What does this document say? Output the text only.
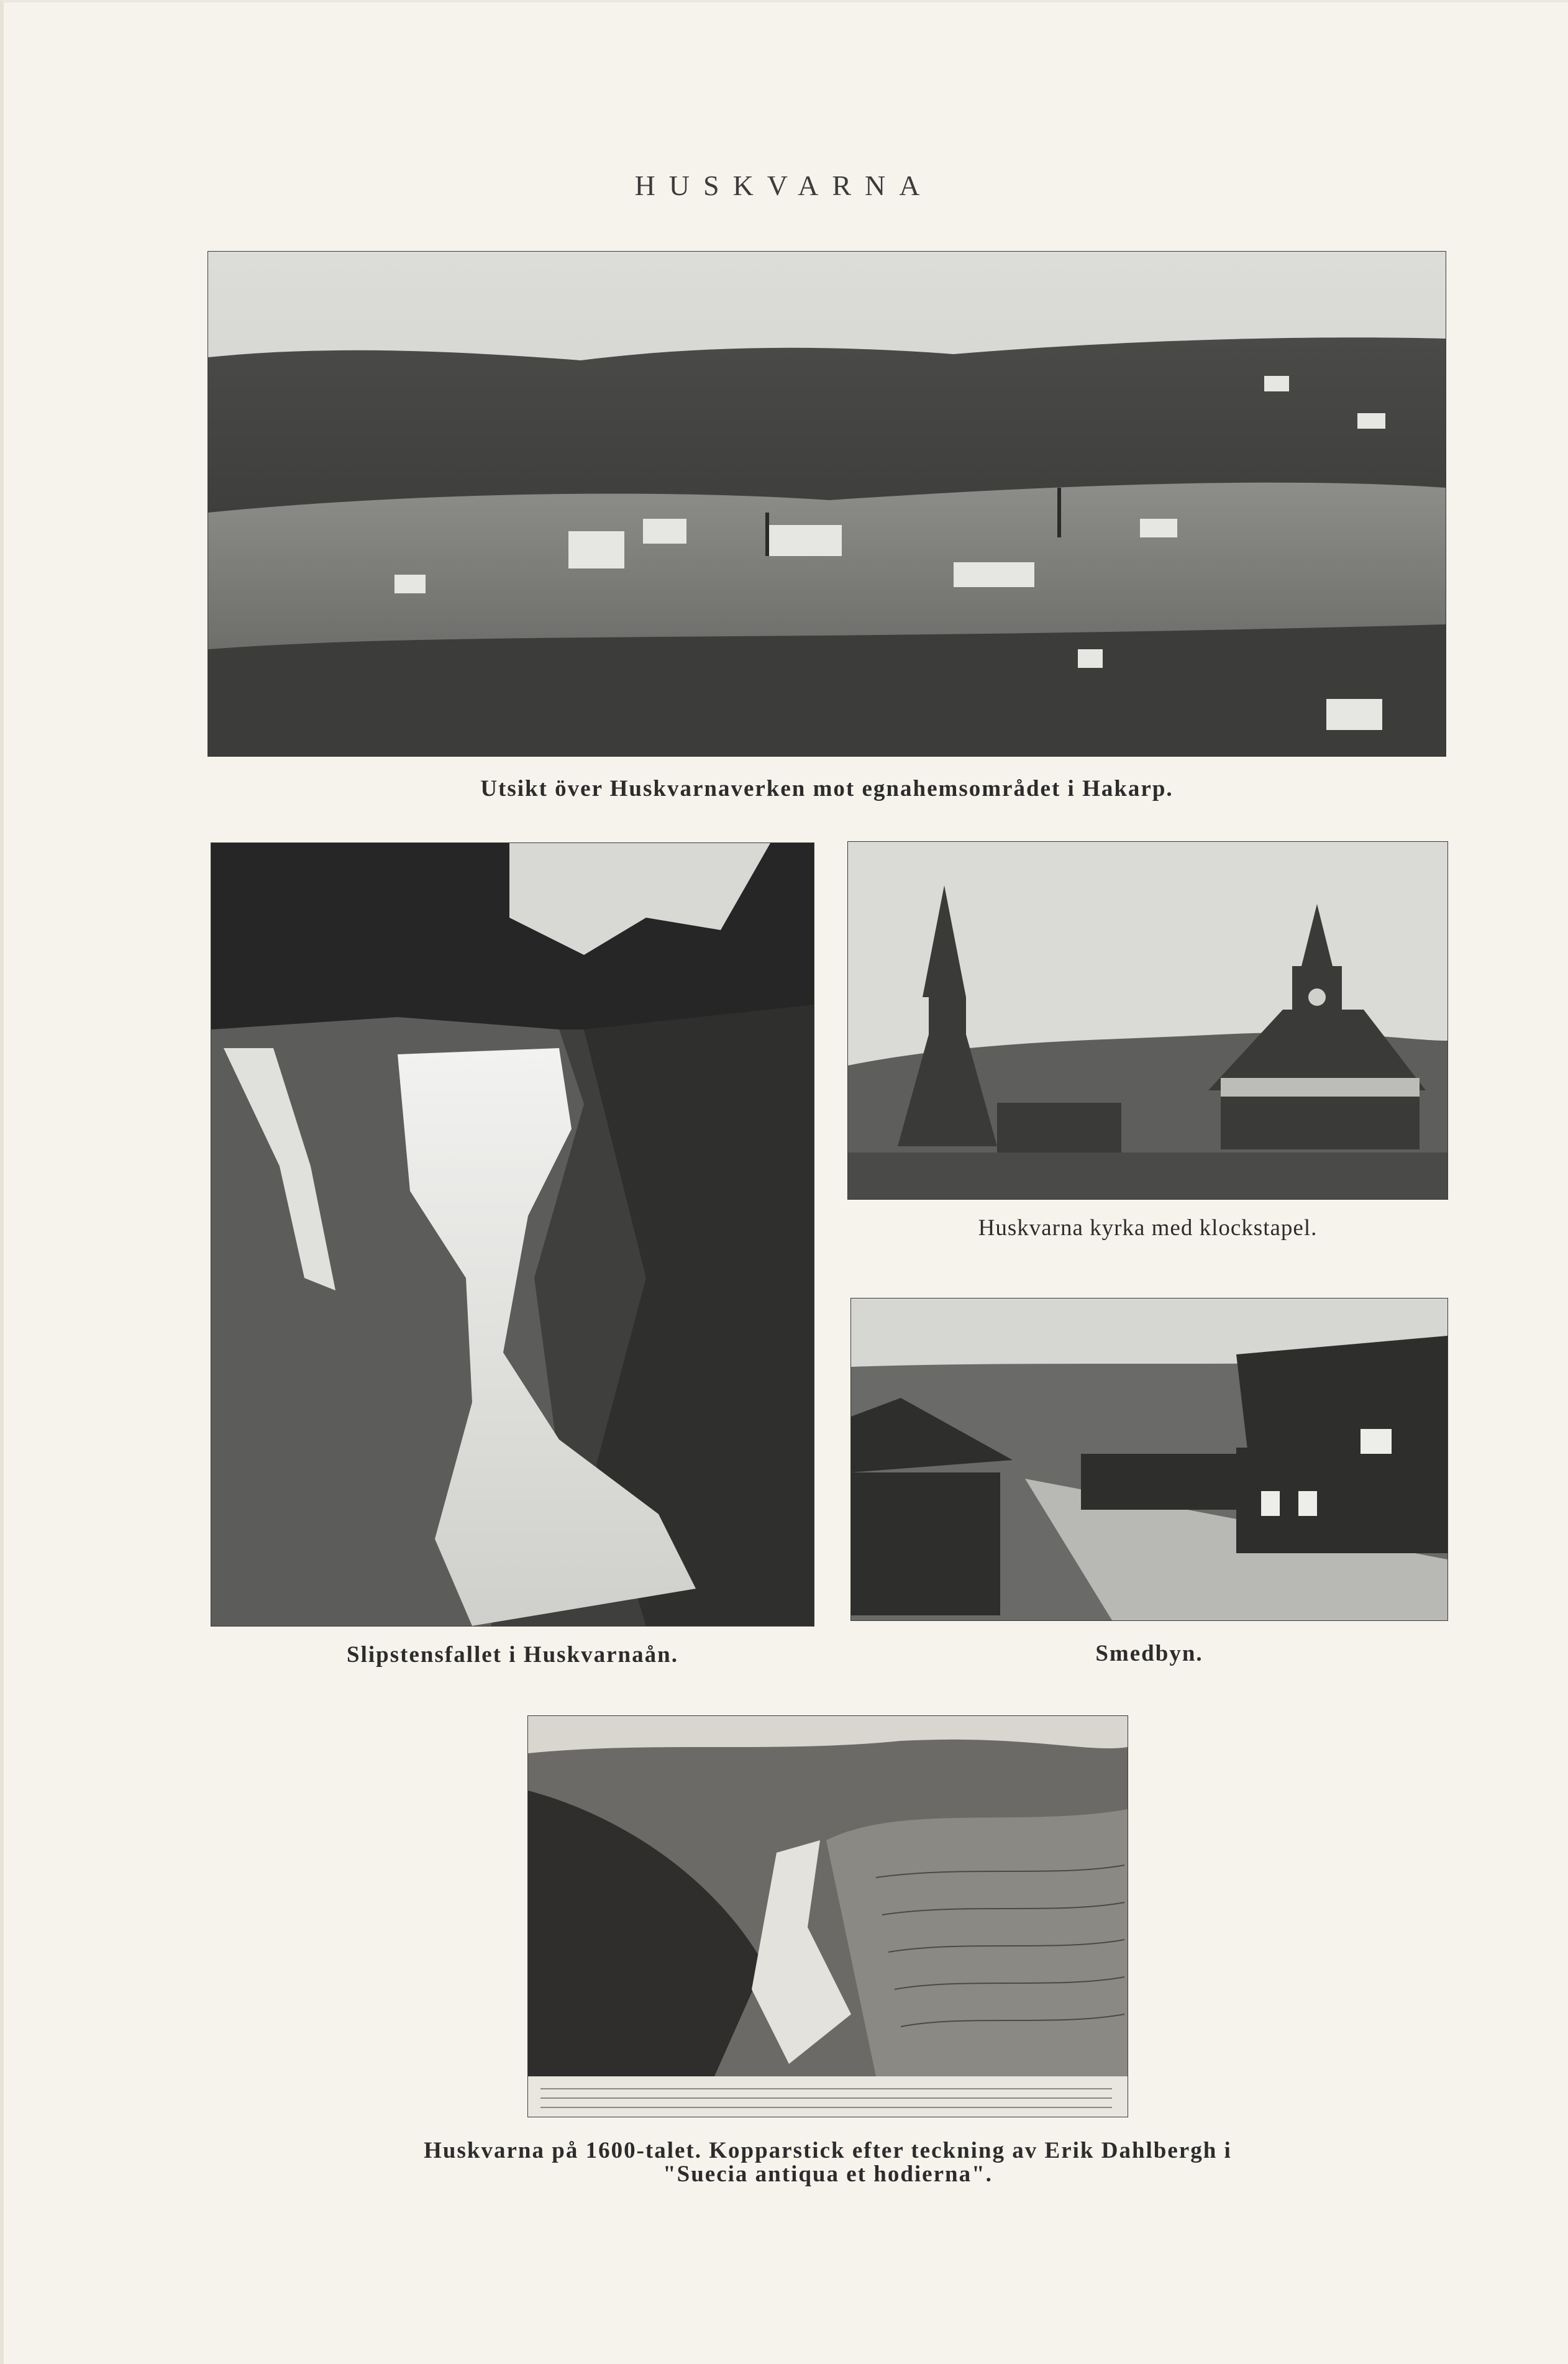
HUSKVARNA
Utsikt över Huskvarnaverken mot egnahemsområdet i Hakarp.
Slipstensfallet i Huskvarnaån.
Huskvarna kyrka med klockstapel.
Smedbyn.
Huskvarna på 1600-talet. Kopparstick efter teckning av Erik Dahlbergh i
"Suecia antiqua et hodierna".
